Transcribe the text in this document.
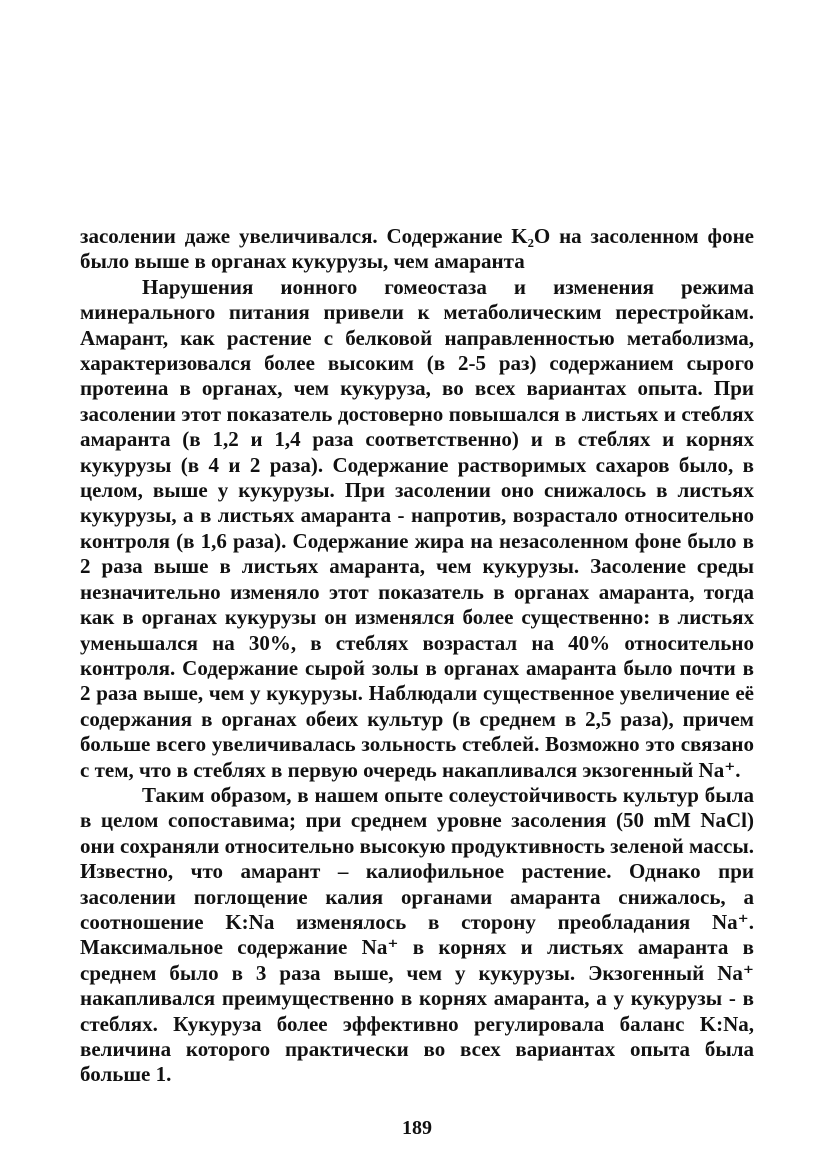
засолении даже увеличивался. Содержание K₂O на засоленном фоне было выше в органах кукурузы, чем амаранта

Нарушения ионного гомеостаза и изменения режима минерального питания привели к метаболическим перестройкам. Амарант, как растение с белковой направленностью метаболизма, характеризовался более высоким (в 2-5 раз) содержанием сырого протеина в органах, чем кукуруза, во всех вариантах опыта. При засолении этот показатель достоверно повышался в листьях и стеблях амаранта (в 1,2 и 1,4 раза соответственно) и в стеблях и корнях кукурузы (в 4 и 2 раза). Содержание растворимых сахаров было, в целом, выше у кукурузы. При засолении оно снижалось в листьях кукурузы, а в листьях амаранта - напротив, возрастало относительно контроля (в 1,6 раза). Содержание жира на незасоленном фоне было в 2 раза выше в листьях амаранта, чем кукурузы. Засоление среды незначительно изменяло этот показатель в органах амаранта, тогда как в органах кукурузы он изменялся более существенно: в листьях уменьшался на 30%, в стеблях возрастал на 40% относительно контроля. Содержание сырой золы в органах амаранта было почти в 2 раза выше, чем у кукурузы. Наблюдали существенное увеличение её содержания в органах обеих культур (в среднем в 2,5 раза), причем больше всего увеличивалась зольность стеблей. Возможно это связано с тем, что в стеблях в первую очередь накапливался экзогенный Na⁺.

Таким образом, в нашем опыте солеустойчивость культур была в целом сопоставима; при среднем уровне засоления (50 mM NaCl) они сохраняли относительно высокую продуктивность зеленой массы. Известно, что амарант – калиофильное растение. Однако при засолении поглощение калия органами амаранта снижалось, а соотношение K:Na изменялось в сторону преобладания Na⁺. Максимальное содержание Na⁺ в корнях и листьях амаранта в среднем было в 3 раза выше, чем у кукурузы. Экзогенный Na⁺ накапливался преимущественно в корнях амаранта, а у кукурузы - в стеблях. Кукуруза более эффективно регулировала баланс K:Na, величина которого практически во всех вариантах опыта была больше 1.

189
